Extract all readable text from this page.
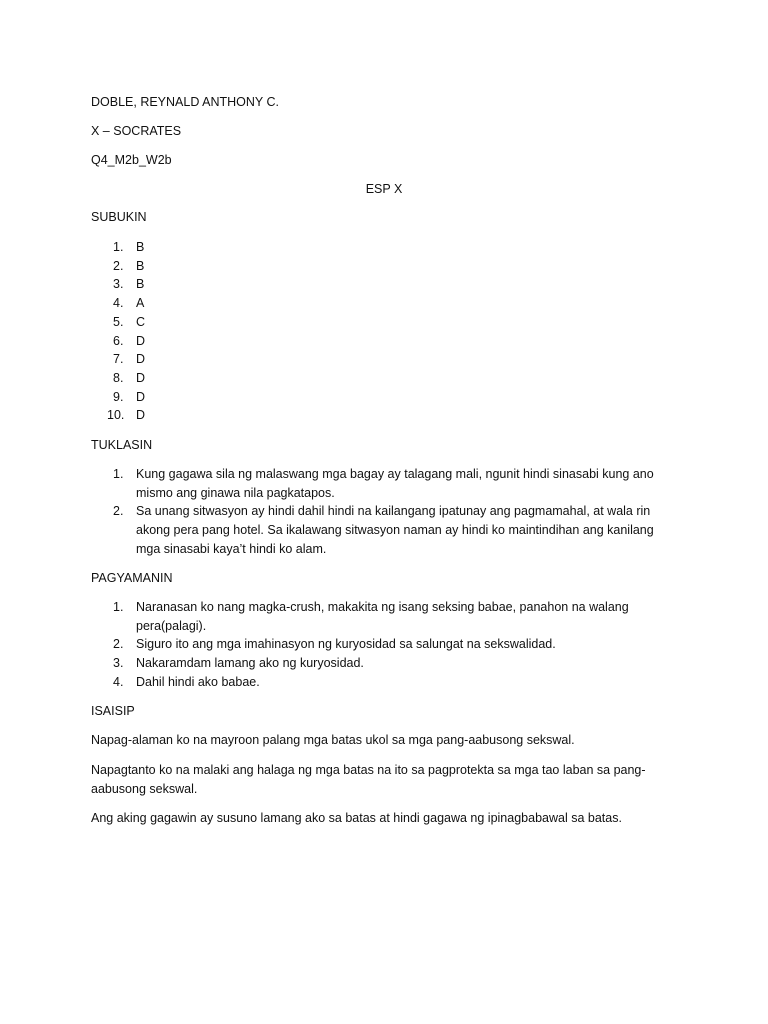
DOBLE, REYNALD ANTHONY C.
X – SOCRATES
Q4_M2b_W2b
ESP X
SUBUKIN
1. B
2. B
3. B
4. A
5. C
6. D
7. D
8. D
9. D
10. D
TUKLASIN
1. Kung gagawa sila ng malaswang mga bagay ay talagang mali, ngunit hindi sinasabi kung ano mismo ang ginawa nila pagkatapos.
2. Sa unang sitwasyon ay hindi dahil hindi na kailangang ipatunay ang pagmamahal, at wala rin akong pera pang hotel. Sa ikalawang sitwasyon naman ay hindi ko maintindihan ang kanilang mga sinasabi kaya’t hindi ko alam.
PAGYAMANIN
1. Naranasan ko nang magka-crush, makakita ng isang seksing babae, panahon na walang pera(palagi).
2. Siguro ito ang mga imahinasyon ng kuryosidad sa salungat na sekswalidad.
3. Nakaramdam lamang ako ng kuryosidad.
4. Dahil hindi ako babae.
ISAISIP

Napag-alaman ko na mayroon palang mga batas ukol sa mga pang-aabusong sekswal.

Napagtanto ko na malaki ang halaga ng mga batas na ito sa pagprotekta sa mga tao laban sa pang-aabusong sekswal.

Ang aking gagawin ay susuno lamang ako sa batas at hindi gagawa ng ipinagbabawal sa batas.
